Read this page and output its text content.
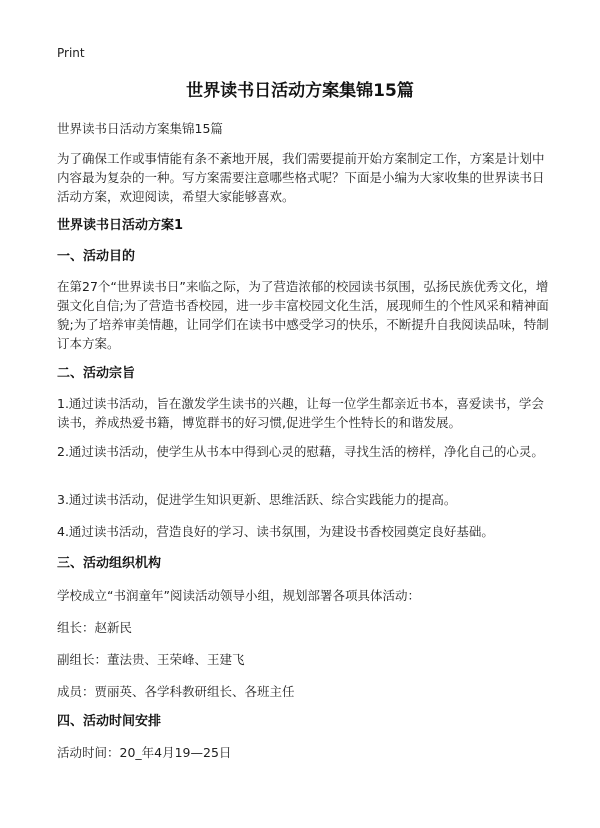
Print
世界读书日活动方案集锦15篇

世界读书日活动方案集锦15篇

为了确保工作或事情能有条不紊地开展，我们需要提前开始方案制定工作，方案是计划中内容最为复杂的一种。写方案需要注意哪些格式呢？下面是小编为大家收集的世界读书日活动方案，欢迎阅读，希望大家能够喜欢。

世界读书日活动方案1

一、活动目的

在第27个“世界读书日”来临之际，为了营造浓郁的校园读书氛围，弘扬民族优秀文化，增强文化自信;为了营造书香校园，进一步丰富校园文化生活，展现师生的个性风采和精神面貌;为了培养审美情趣，让同学们在读书中感受学习的快乐，不断提升自我阅读品味，特制订本方案。

二、活动宗旨

1.通过读书活动，旨在激发学生读书的兴趣，让每一位学生都亲近书本，喜爱读书，学会读书，养成热爱书籍，博览群书的好习惯,促进学生个性特长的和谐发展。

2.通过读书活动，使学生从书本中得到心灵的慰藉，寻找生活的榜样，净化自己的心灵。

3.通过读书活动，促进学生知识更新、思维活跃、综合实践能力的提高。

4.通过读书活动，营造良好的学习、读书氛围，为建设书香校园奠定良好基础。

三、活动组织机构

学校成立“书润童年”阅读活动领导小组，规划部署各项具体活动：

组长：赵新民

副组长：董法贵、王荣峰、王建飞

成员：贾丽英、各学科教研组长、各班主任

四、活动时间安排

活动时间：20_年4月19—25日
